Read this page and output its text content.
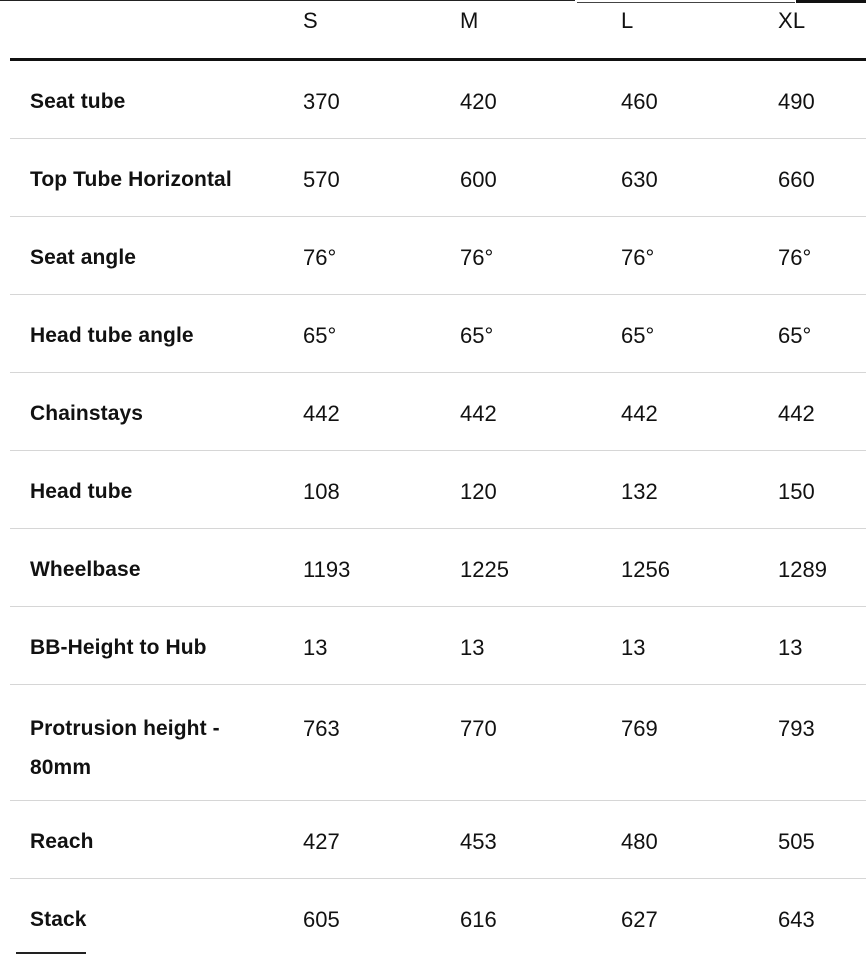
	S	M	L	XL
Seat tube	370	420	460	490
Top Tube Horizontal	570	600	630	660
Seat angle	76°	76°	76°	76°
Head tube angle	65°	65°	65°	65°
Chainstays	442	442	442	442
Head tube	108	120	132	150
Wheelbase	1193	1225	1256	1289
BB-Height to Hub	13	13	13	13
Protrusion height - 80mm	763	770	769	793
Reach	427	453	480	505
Stack	605	616	627	643
